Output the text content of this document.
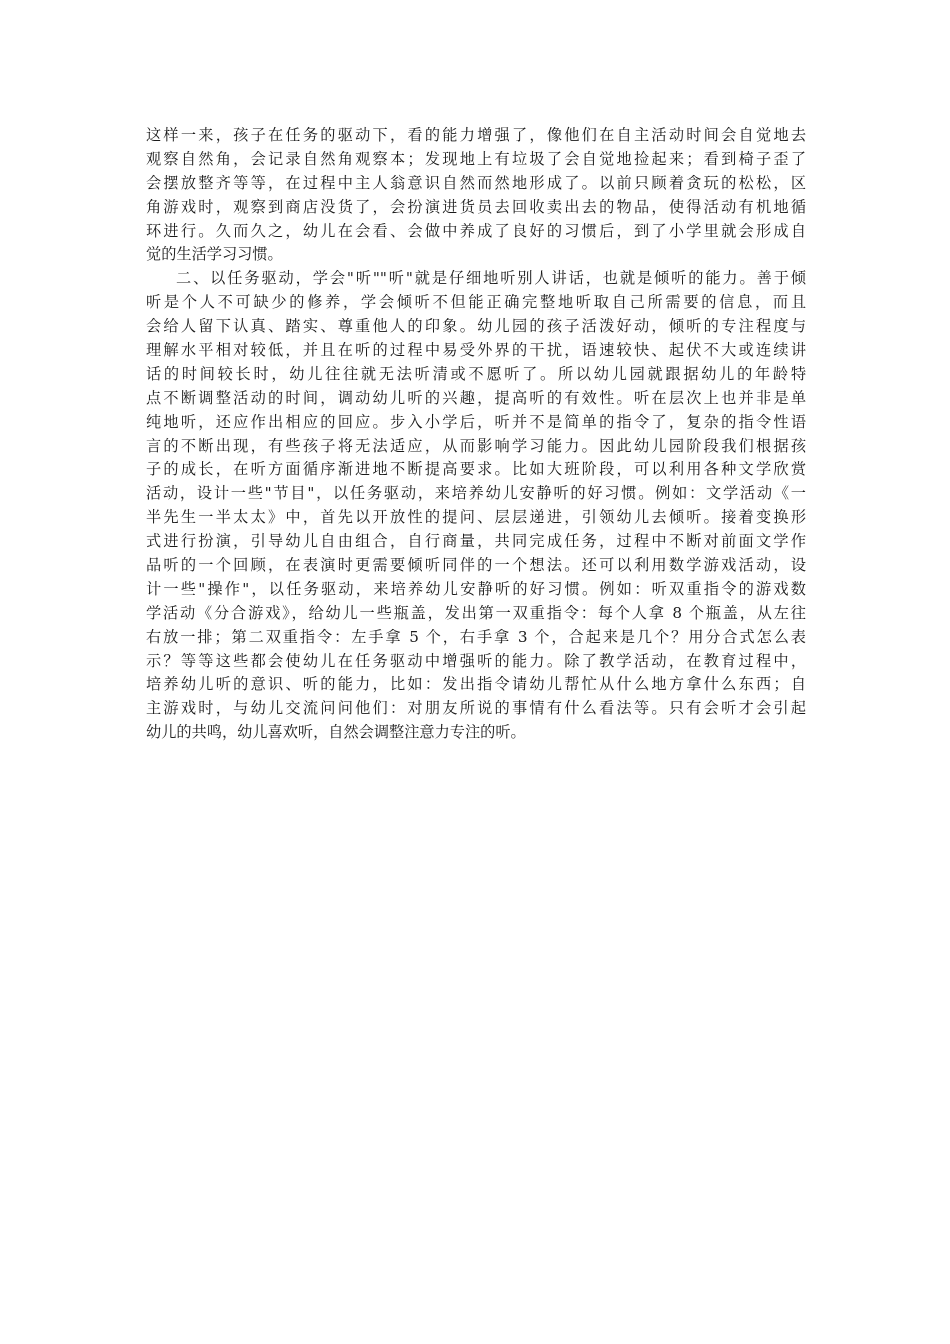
这样一来，孩子在任务的驱动下，看的能力增强了，像他们在自主活动时间会自觉地去
观察自然角，会记录自然角观察本；发现地上有垃圾了会自觉地捡起来；看到椅子歪了
会摆放整齐等等，在过程中主人翁意识自然而然地形成了。以前只顾着贪玩的松松，区
角游戏时，观察到商店没货了，会扮演进货员去回收卖出去的物品，使得活动有机地循
环进行。久而久之，幼儿在会看、会做中养成了良好的习惯后，到了小学里就会形成自
觉的生活学习习惯。
二、以任务驱动，学会"听""听"就是仔细地听别人讲话，也就是倾听的能力。善于倾
听是个人不可缺少的修养，学会倾听不但能正确完整地听取自己所需要的信息，而且
会给人留下认真、踏实、尊重他人的印象。幼儿园的孩子活泼好动，倾听的专注程度与
理解水平相对较低，并且在听的过程中易受外界的干扰，语速较快、起伏不大或连续讲
话的时间较长时，幼儿往往就无法听清或不愿听了。所以幼儿园就跟据幼儿的年龄特
点不断调整活动的时间，调动幼儿听的兴趣，提高听的有效性。听在层次上也并非是单
纯地听，还应作出相应的回应。步入小学后，听并不是简单的指令了，复杂的指令性语
言的不断出现，有些孩子将无法适应，从而影响学习能力。因此幼儿园阶段我们根据孩
子的成长，在听方面循序渐进地不断提高要求。比如大班阶段，可以利用各种文学欣赏
活动，设计一些"节目"，以任务驱动，来培养幼儿安静听的好习惯。例如：文学活动《一
半先生一半太太》中，首先以开放性的提问、层层递进，引领幼儿去倾听。接着变换形
式进行扮演，引导幼儿自由组合，自行商量，共同完成任务，过程中不断对前面文学作
品听的一个回顾，在表演时更需要倾听同伴的一个想法。还可以利用数学游戏活动，设
计一些"操作"，以任务驱动，来培养幼儿安静听的好习惯。例如：听双重指令的游戏数
学活动《分合游戏》，给幼儿一些瓶盖，发出第一双重指令：每个人拿 8 个瓶盖，从左往
右放一排；第二双重指令：左手拿 5 个，右手拿 3 个，合起来是几个？用分合式怎么表
示？等等这些都会使幼儿在任务驱动中增强听的能力。除了教学活动，在教育过程中，
培养幼儿听的意识、听的能力，比如：发出指令请幼儿帮忙从什么地方拿什么东西；自
主游戏时，与幼儿交流问问他们：对朋友所说的事情有什么看法等。只有会听才会引起
幼儿的共鸣，幼儿喜欢听，自然会调整注意力专注的听。
